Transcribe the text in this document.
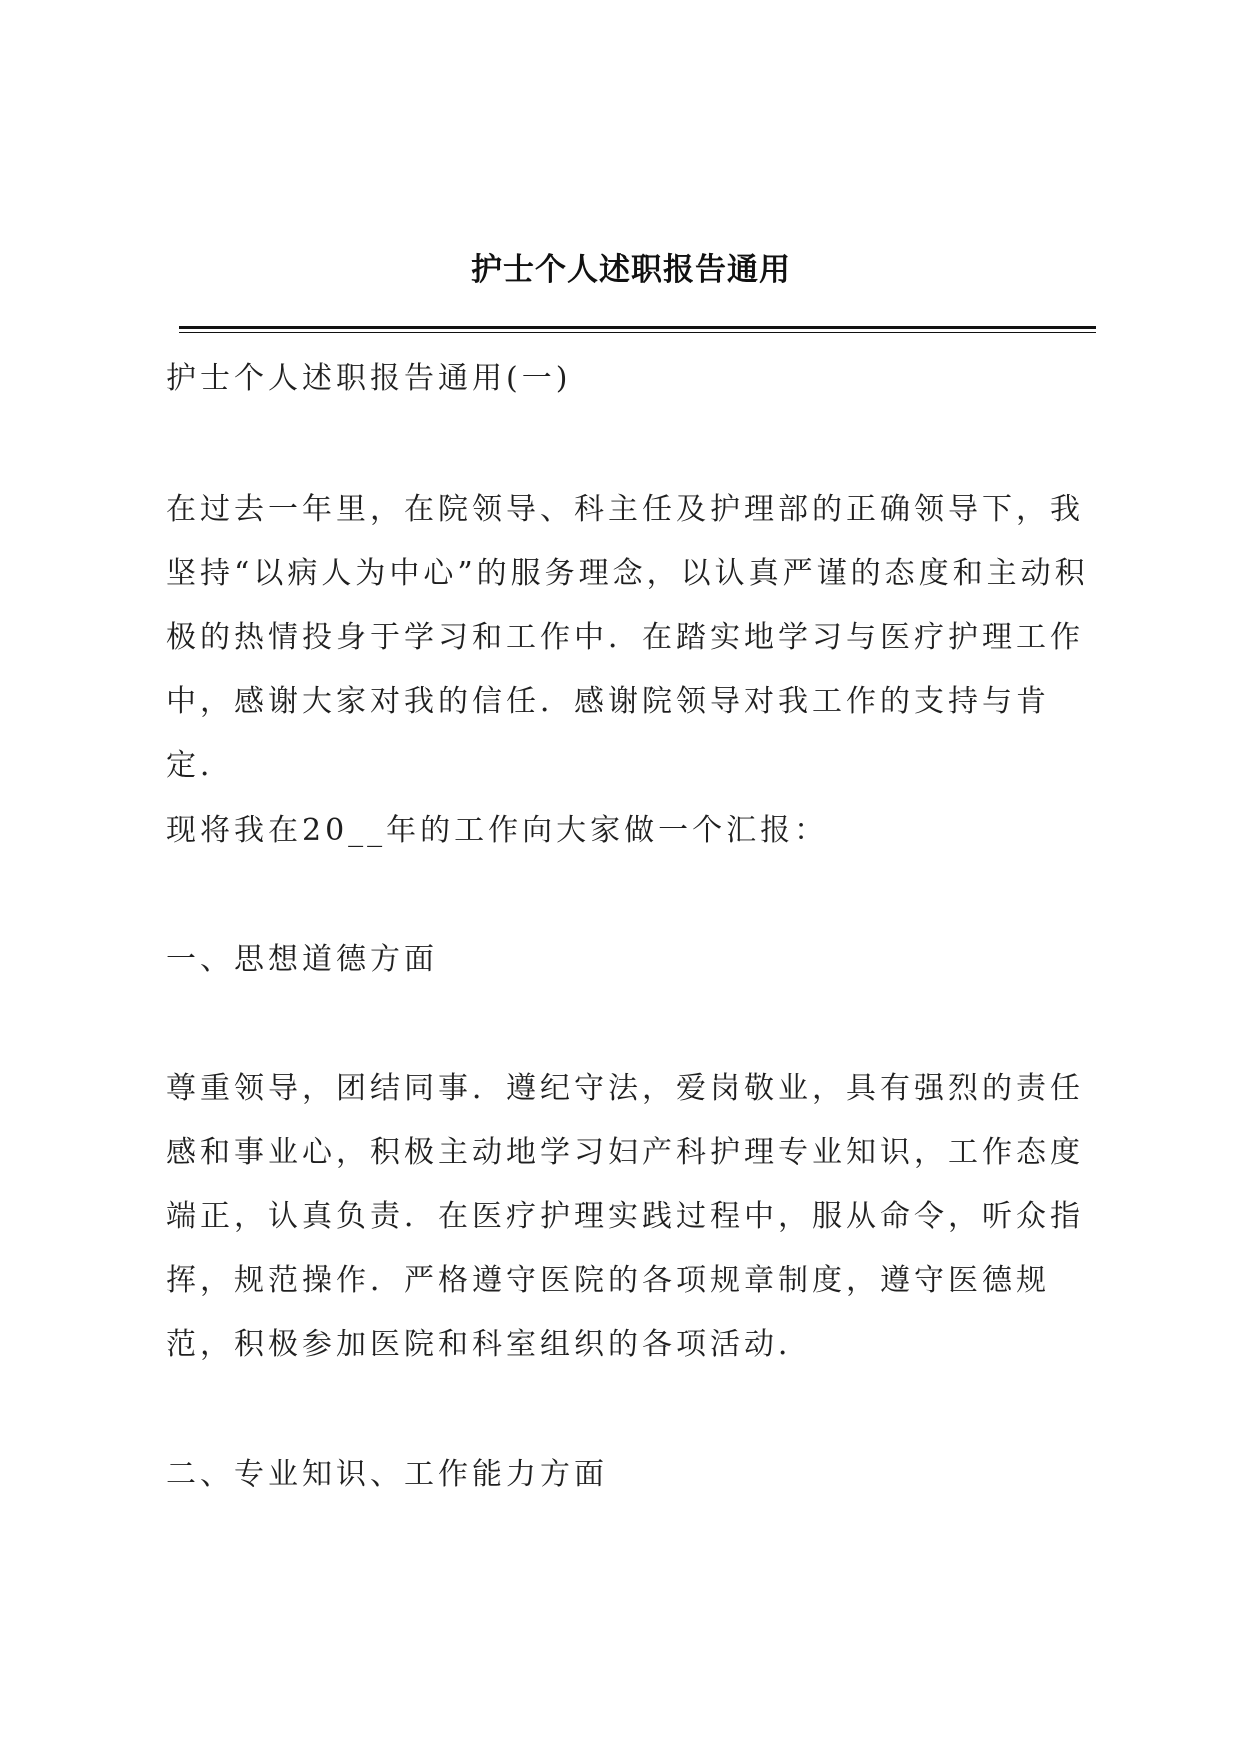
护士个人述职报告通用

护士个人述职报告通用(一)

在过去一年里，在院领导、科主任及护理部的正确领导下，我坚持“以病人为中心”的服务理念，以认真严谨的态度和主动积极的热情投身于学习和工作中．在踏实地学习与医疗护理工作中，感谢大家对我的信任．感谢院领导对我工作的支持与肯定．

现将我在20__年的工作向大家做一个汇报：

一、思想道德方面

尊重领导，团结同事．遵纪守法，爱岗敬业，具有强烈的责任感和事业心，积极主动地学习妇产科护理专业知识，工作态度端正，认真负责．在医疗护理实践过程中，服从命令，听众指挥，规范操作．严格遵守医院的各项规章制度，遵守医德规范，积极参加医院和科室组织的各项活动．

二、专业知识、工作能力方面
